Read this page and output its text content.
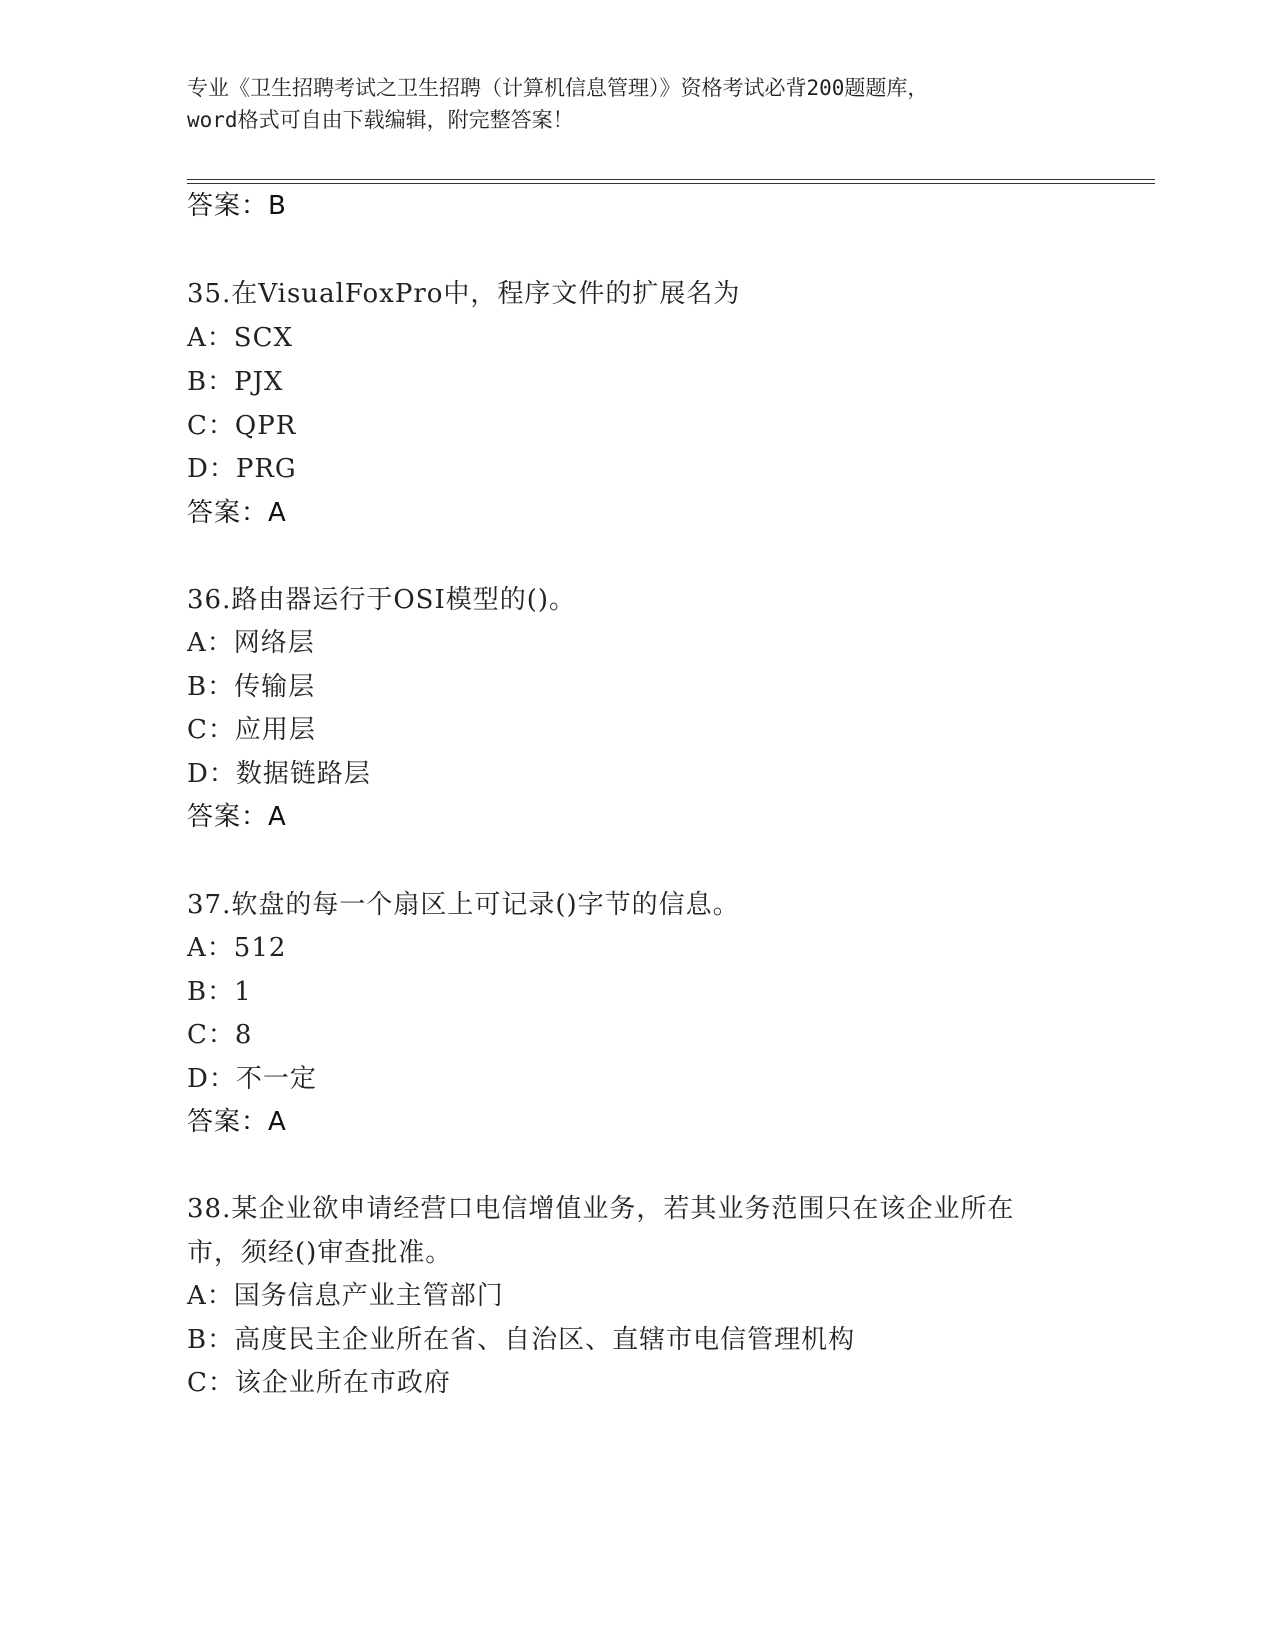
专业《卫生招聘考试之卫生招聘（计算机信息管理）》资格考试必背200题题库，
word格式可自由下载编辑，附完整答案！
答案：B
35.在VisualFoxPro中，程序文件的扩展名为
A：SCX
B：PJX
C：QPR
D：PRG
答案：A
36.路由器运行于OSI模型的()。
A：网络层
B：传输层
C：应用层
D：数据链路层
答案：A
37.软盘的每一个扇区上可记录()字节的信息。
A：512
B：1
C：8
D：不一定
答案：A
38.某企业欲申请经营口电信增值业务，若其业务范围只在该企业所在
市，须经()审查批准。
A：国务信息产业主管部门
B：高度民主企业所在省、自治区、直辖市电信管理机构
C：该企业所在市政府
